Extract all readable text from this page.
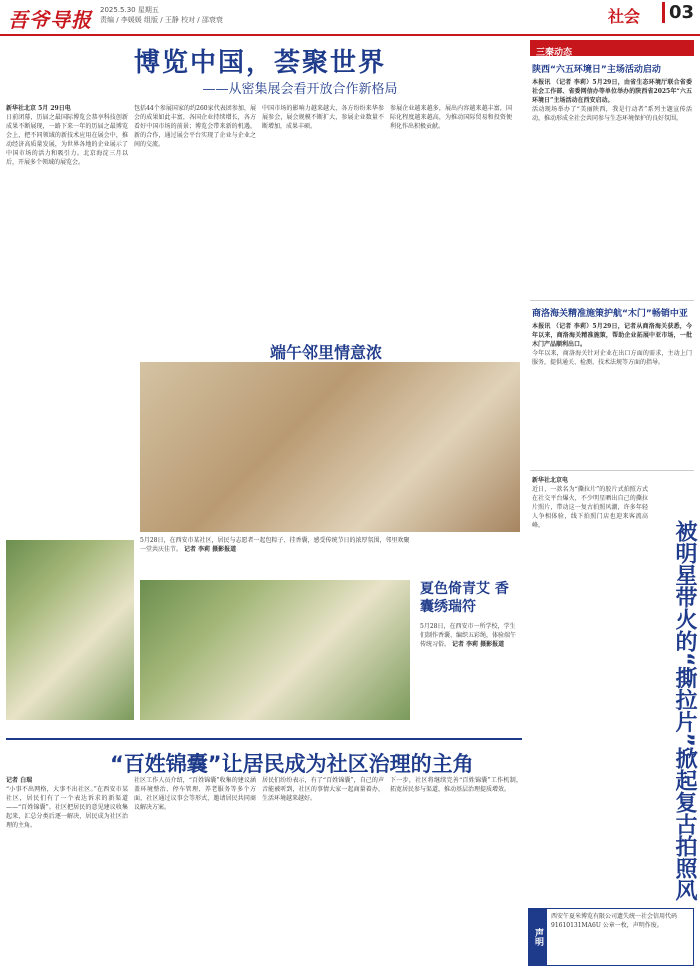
吾爷导报 2025.5.30 星期五
责编 / 李媛媛 组版 / 王静 校对 / 邵衰衰	社会	03
博览中国，荟聚世界
——从密集展会看开放合作新格局

新华社北京 5月 29日电

日前闭幕，历届之最国际博览会恭享科技创新成果不断展现，一路下来一年的历届之最博览会上，把不同领域的新技术应用在展会中，推动经济高质量发展，为世界各地的企业展示了中国市场的活力和吸引力。北京海淀三月以后，开展多个领域的展览会。

包括44个参展国家的约260家代表团参加，展会的成果如此丰富，各国企业持续增长，各方看好中国市场的前景；博览会带来新的机遇，新的合作，通过展会平台实现了企业与企业之间的交流。

中国市场的影响力越来越大，各方纷纷来华参展参会，展会规模不断扩大，参展企业数量不断增加，成果丰硕。

参展企业越来越多，展出内容越来越丰富，国际化程度越来越高，为推动国际贸易和投资便利化作出积极贡献。

三秦动态
陕西“六五环境日”主场活动启动

本报讯 （记者 李莉）5月29日，由省生态环境厅联合省委社会工作部、省委网信办等单位举办的陕西省2025年“六五环境日”主场活动在西安启动。

活动现场举办了“美丽陕西，我是行动者”系列主题宣传活动，推动形成全社会共同参与生态环境保护的良好氛围。

商洛海关精准施策护航“木门”畅销中亚

本报讯 （记者 李莉）5月29日，记者从商洛海关获悉，今年以来，商洛海关精准施策，帮助企业拓展中亚市场，一批木门产品顺利出口。

今年以来，商洛海关针对企业在出口方面的需求，主动上门服务，提供通关、检测、技术法规等方面的指导。

被明星带火的“撕拉片”掀起复古拍照风

新华社北京电

近日，一款名为“撕拉片”的胶片式拍照方式在社交平台爆火，不少明星晒出自己的撕拉片照片，带动这一复古拍照风潮，许多年轻人争相体验，线下拍照门店也迎来客流高峰。

端午邻里情意浓
5月28日，在西安市某社区，居民与志愿者一起包粽子、挂香囊，感受传统节日的浓厚氛围，邻里欢聚一堂共庆佳节。 记者 李莉 摄影报道
夏色倚青艾 香囊绣瑞符
5月28日，在西安市一所学校，学生们制作香囊、编织五彩绳，体验端午传统习俗。 记者 李莉 摄影报道
“百姓锦囊”让居民成为社区治理的主角

记者 白瑞

“小事不出网格，大事不出社区。”在西安市某社区，居民们有了一个表达诉求的新渠道——“百姓锦囊”。社区把居民的意见建议收集起来，汇总分类后逐一解决，居民成为社区治理的主角。

社区工作人员介绍，“百姓锦囊”收集的建议涵盖环境整治、停车管理、养老服务等多个方面，社区通过议事会等形式，邀请居民共同商议解决方案。

居民们纷纷表示，有了“百姓锦囊”，自己的声音能被听到，社区的事情大家一起商量着办，生活环境越来越好。

下一步，社区将继续完善“百姓锦囊”工作机制，拓宽居民参与渠道，推动基层治理提质增效。

声明
西安午夏米博览有限公司遗失统一社会信用代码 91610131MA6U 公章一枚，声明作废。
